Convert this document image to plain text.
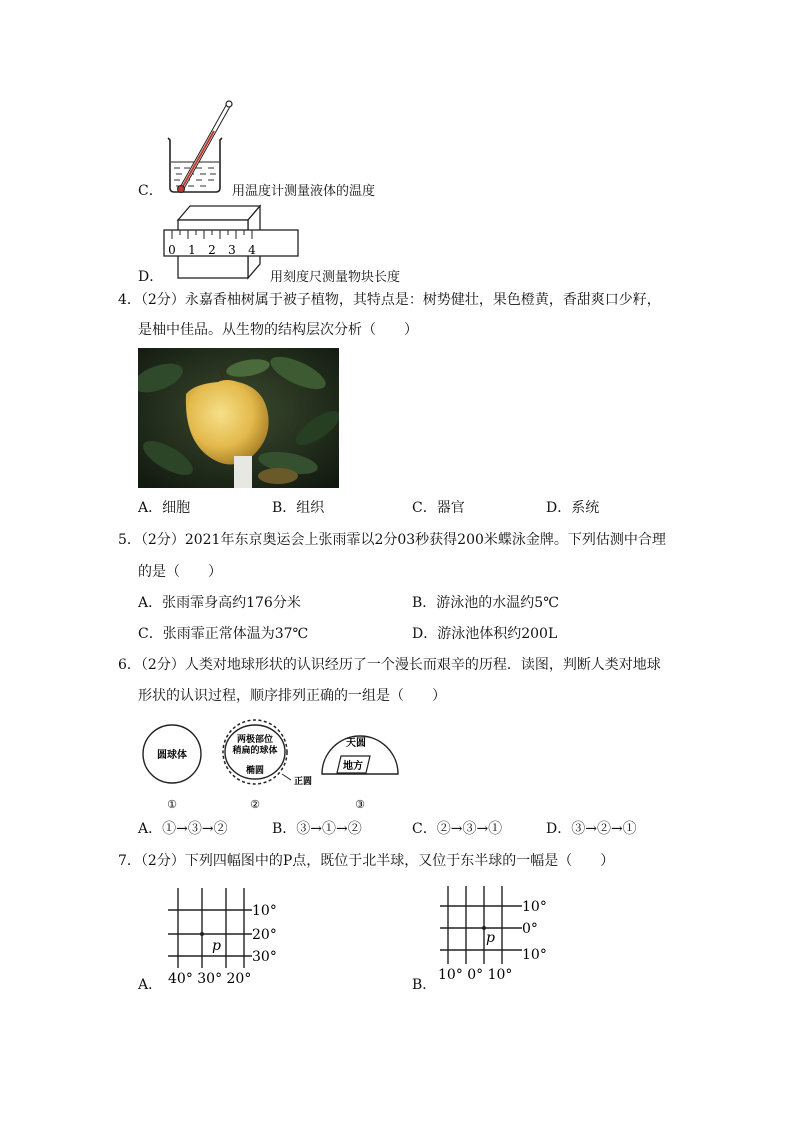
C．	用温度计测量液体的温度
D．
0 1 2 3 4
用刻度尺测量物块长度
4．（2分）永嘉香柚树属于被子植物，其特点是：树势健壮，果色橙黄，香甜爽口少籽，
是柚中佳品。从生物的结构层次分析（　　）
A．细胞	B．组织	C．器官	D．系统
5．（2分）2021年东京奥运会上张雨霏以2分03秒获得200米蝶泳金牌。下列估测中合理
的是（　　）
A．张雨霏身高约176分米	B．游泳池的水温约5℃
C．张雨霏正常体温为37℃	D．游泳池体积约200L
6．（2分）人类对地球形状的认识经历了一个漫长而艰辛的历程．读图，判断人类对地球
形状的认识过程，顺序排列正确的一组是（　　）
圆球体
①
两极部位
稍扁的球体
椭圆
正圆
②
天圆
地方
③
A．①→③→②	B．③→①→②	C．②→③→①	D．③→②→①
7．（2分）下列四幅图中的P点，既位于北半球，又位于东半球的一幅是（　　）
A．
p
10°
20°
30°
40° 30° 20°	B．
p
10°
0°
10°
10° 0° 10°
